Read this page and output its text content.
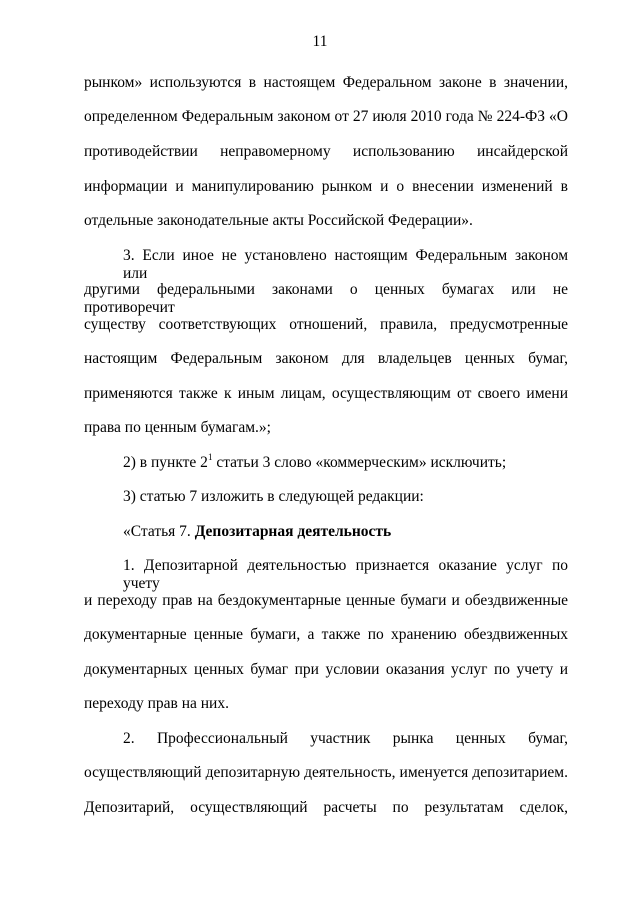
11
рынком» используются в настоящем Федеральном законе в значении,
определенном Федеральным законом от 27 июля 2010 года № 224-ФЗ «О
противодействии неправомерному использованию инсайдерской
информации и манипулированию рынком и о внесении изменений в
отдельные законодательные акты Российской Федерации».
3. Если иное не установлено настоящим Федеральным законом или
другими федеральными законами о ценных бумагах или не противоречит
существу соответствующих отношений, правила, предусмотренные
настоящим Федеральным законом для владельцев ценных бумаг,
применяются также к иным лицам, осуществляющим от своего имени
права по ценным бумагам.»;
2) в пункте $2^1$ статьи 3 слово «коммерческим» исключить;
3) статью 7 изложить в следующей редакции:
«Статья 7. Депозитарная деятельность
1. Депозитарной деятельностью признается оказание услуг по учету
и переходу прав на бездокументарные ценные бумаги и обездвиженные
документарные ценные бумаги, а также по хранению обездвиженных
документарных ценных бумаг при условии оказания услуг по учету и
переходу прав на них.
2. Профессиональный участник рынка ценных бумаг,
осуществляющий депозитарную деятельность, именуется депозитарием.
Депозитарий, осуществляющий расчеты по результатам сделок,
